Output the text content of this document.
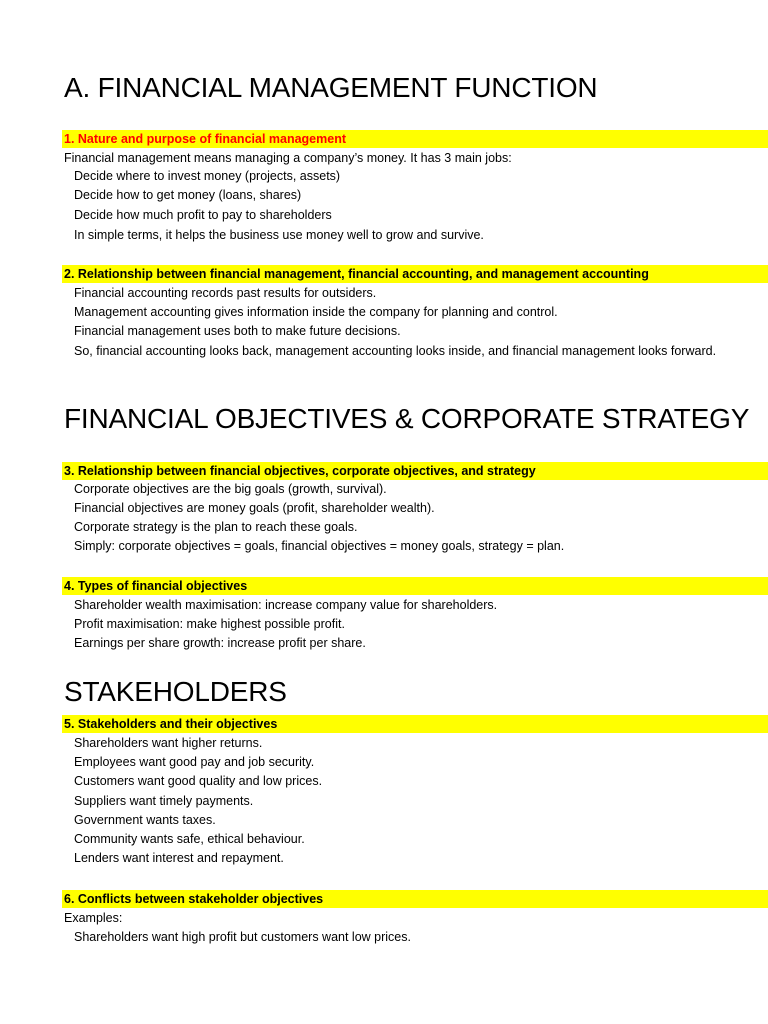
A. FINANCIAL MANAGEMENT FUNCTION
1. Nature and purpose of financial management
Financial management means managing a company’s money. It has 3 main jobs:
Decide where to invest money (projects, assets)
Decide how to get money (loans, shares)
Decide how much profit to pay to shareholders
In simple terms, it helps the business use money well to grow and survive.
2. Relationship between financial management, financial accounting, and management accounting
Financial accounting records past results for outsiders.
Management accounting gives information inside the company for planning and control.
Financial management uses both to make future decisions.
So, financial accounting looks back, management accounting looks inside, and financial management looks forward.
FINANCIAL OBJECTIVES & CORPORATE STRATEGY
3. Relationship between financial objectives, corporate objectives, and strategy
Corporate objectives are the big goals (growth, survival).
Financial objectives are money goals (profit, shareholder wealth).
Corporate strategy is the plan to reach these goals.
Simply: corporate objectives = goals, financial objectives = money goals, strategy = plan.
4. Types of financial objectives
Shareholder wealth maximisation: increase company value for shareholders.
Profit maximisation: make highest possible profit.
Earnings per share growth: increase profit per share.
STAKEHOLDERS
5. Stakeholders and their objectives
Shareholders want higher returns.
Employees want good pay and job security.
Customers want good quality and low prices.
Suppliers want timely payments.
Government wants taxes.
Community wants safe, ethical behaviour.
Lenders want interest and repayment.
6. Conflicts between stakeholder objectives
Examples:
Shareholders want high profit but customers want low prices.
